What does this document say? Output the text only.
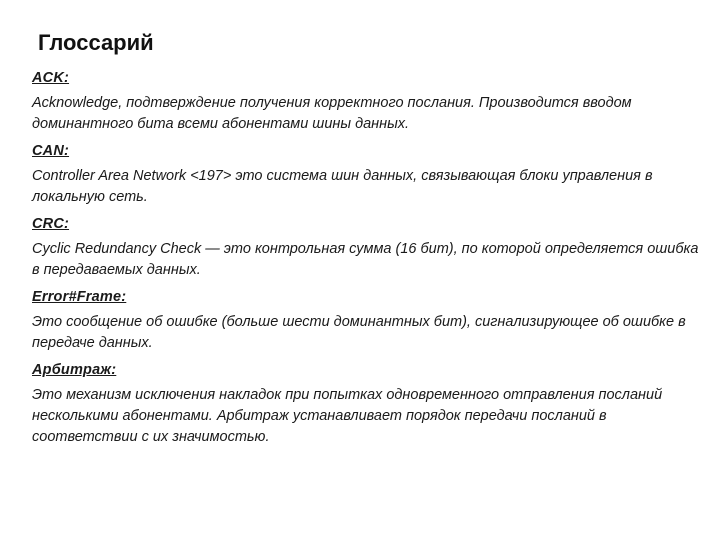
Глоссарий

ACK:

Acknowledge, подтверждение получения корректного послания. Производится вводом доминантного бита всеми абонентами шины данных.

CAN:

Controller Area Network <197> это система шин данных, связывающая блоки управления в локальную сеть.

CRC:

Cyclic Redundancy Check — это контрольная сумма (16 бит), по которой определяется ошибка в передаваемых данных.

Error#Frame:

Это сообщение об ошибке (больше шести доминантных бит), сигнализирующее об ошибке в передаче данных.

Арбитраж:

Это механизм исключения накладок при попытках одновременного отправления посланий несколькими абонентами. Арбитраж устанавливает порядок передачи посланий в соответствии с их значимостью.
